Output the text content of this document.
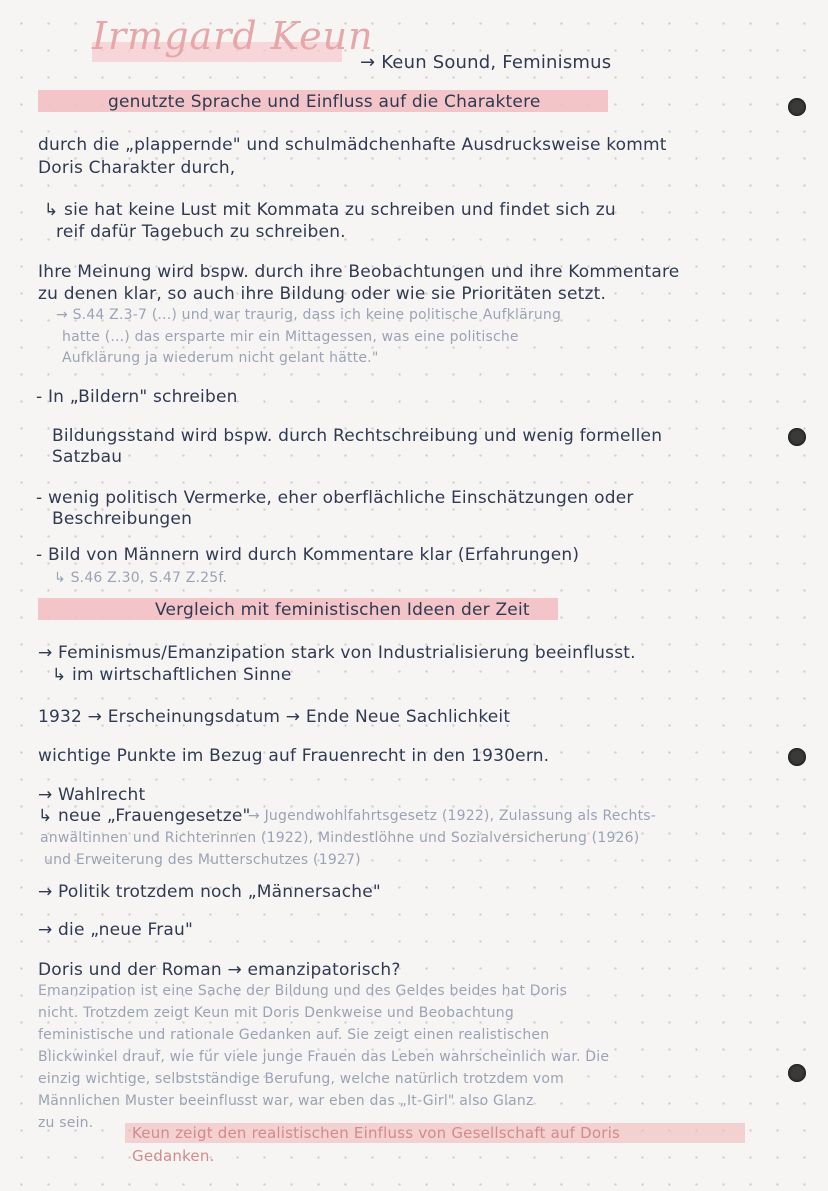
Irmgard Keun
→ Keun Sound, Feminismus
genutzte Sprache und Einfluss auf die Charaktere
durch die „plappernde" und schulmädchenhafte Ausdrucksweise kommt
Doris Charakter durch,
↳ sie hat keine Lust mit Kommata zu schreiben und findet sich zu
reif dafür Tagebuch zu schreiben.
Ihre Meinung wird bspw. durch ihre Beobachtungen und ihre Kommentare
zu denen klar, so auch ihre Bildung oder wie sie Prioritäten setzt.
→ S.44 Z.3-7 (...) und war traurig, dass ich keine politische Aufklärung
hatte (...) das ersparte mir ein Mittagessen, was eine politische
Aufklärung ja wiederum nicht gelant hätte."
- In „Bildern" schreiben
Bildungsstand wird bspw. durch Rechtschreibung und wenig formellen
Satzbau
- wenig politisch Vermerke, eher oberflächliche Einschätzungen oder
Beschreibungen
- Bild von Männern wird durch Kommentare klar (Erfahrungen)
↳ S.46 Z.30, S.47 Z.25f.
Vergleich mit feministischen Ideen der Zeit
→ Feminismus/Emanzipation stark von Industrialisierung beeinflusst.
↳ im wirtschaftlichen Sinne
1932 → Erscheinungsdatum → Ende Neue Sachlichkeit
wichtige Punkte im Bezug auf Frauenrecht in den 1930ern.
→ Wahlrecht
↳ neue „Frauengesetze"
→ Jugendwohlfahrtsgesetz (1922), Zulassung als Rechts-
anwältinnen und Richterinnen (1922), Mindestlöhne und Sozialversicherung (1926)
und Erweiterung des Mutterschutzes (1927)
→ Politik trotzdem noch „Männersache"
→ die „neue Frau"
Doris und der Roman → emanzipatorisch?
Emanzipation ist eine Sache der Bildung und des Geldes beides hat Doris
nicht. Trotzdem zeigt Keun mit Doris Denkweise und Beobachtung
feministische und rationale Gedanken auf. Sie zeigt einen realistischen
Blickwinkel drauf, wie für viele junge Frauen das Leben wahrscheinlich war. Die
einzig wichtige, selbstständige Berufung, welche natürlich trotzdem vom
Männlichen Muster beeinflusst war, war eben das „It-Girl" also Glanz
zu sein.
Keun zeigt den realistischen Einfluss von Gesellschaft auf Doris
Gedanken.
